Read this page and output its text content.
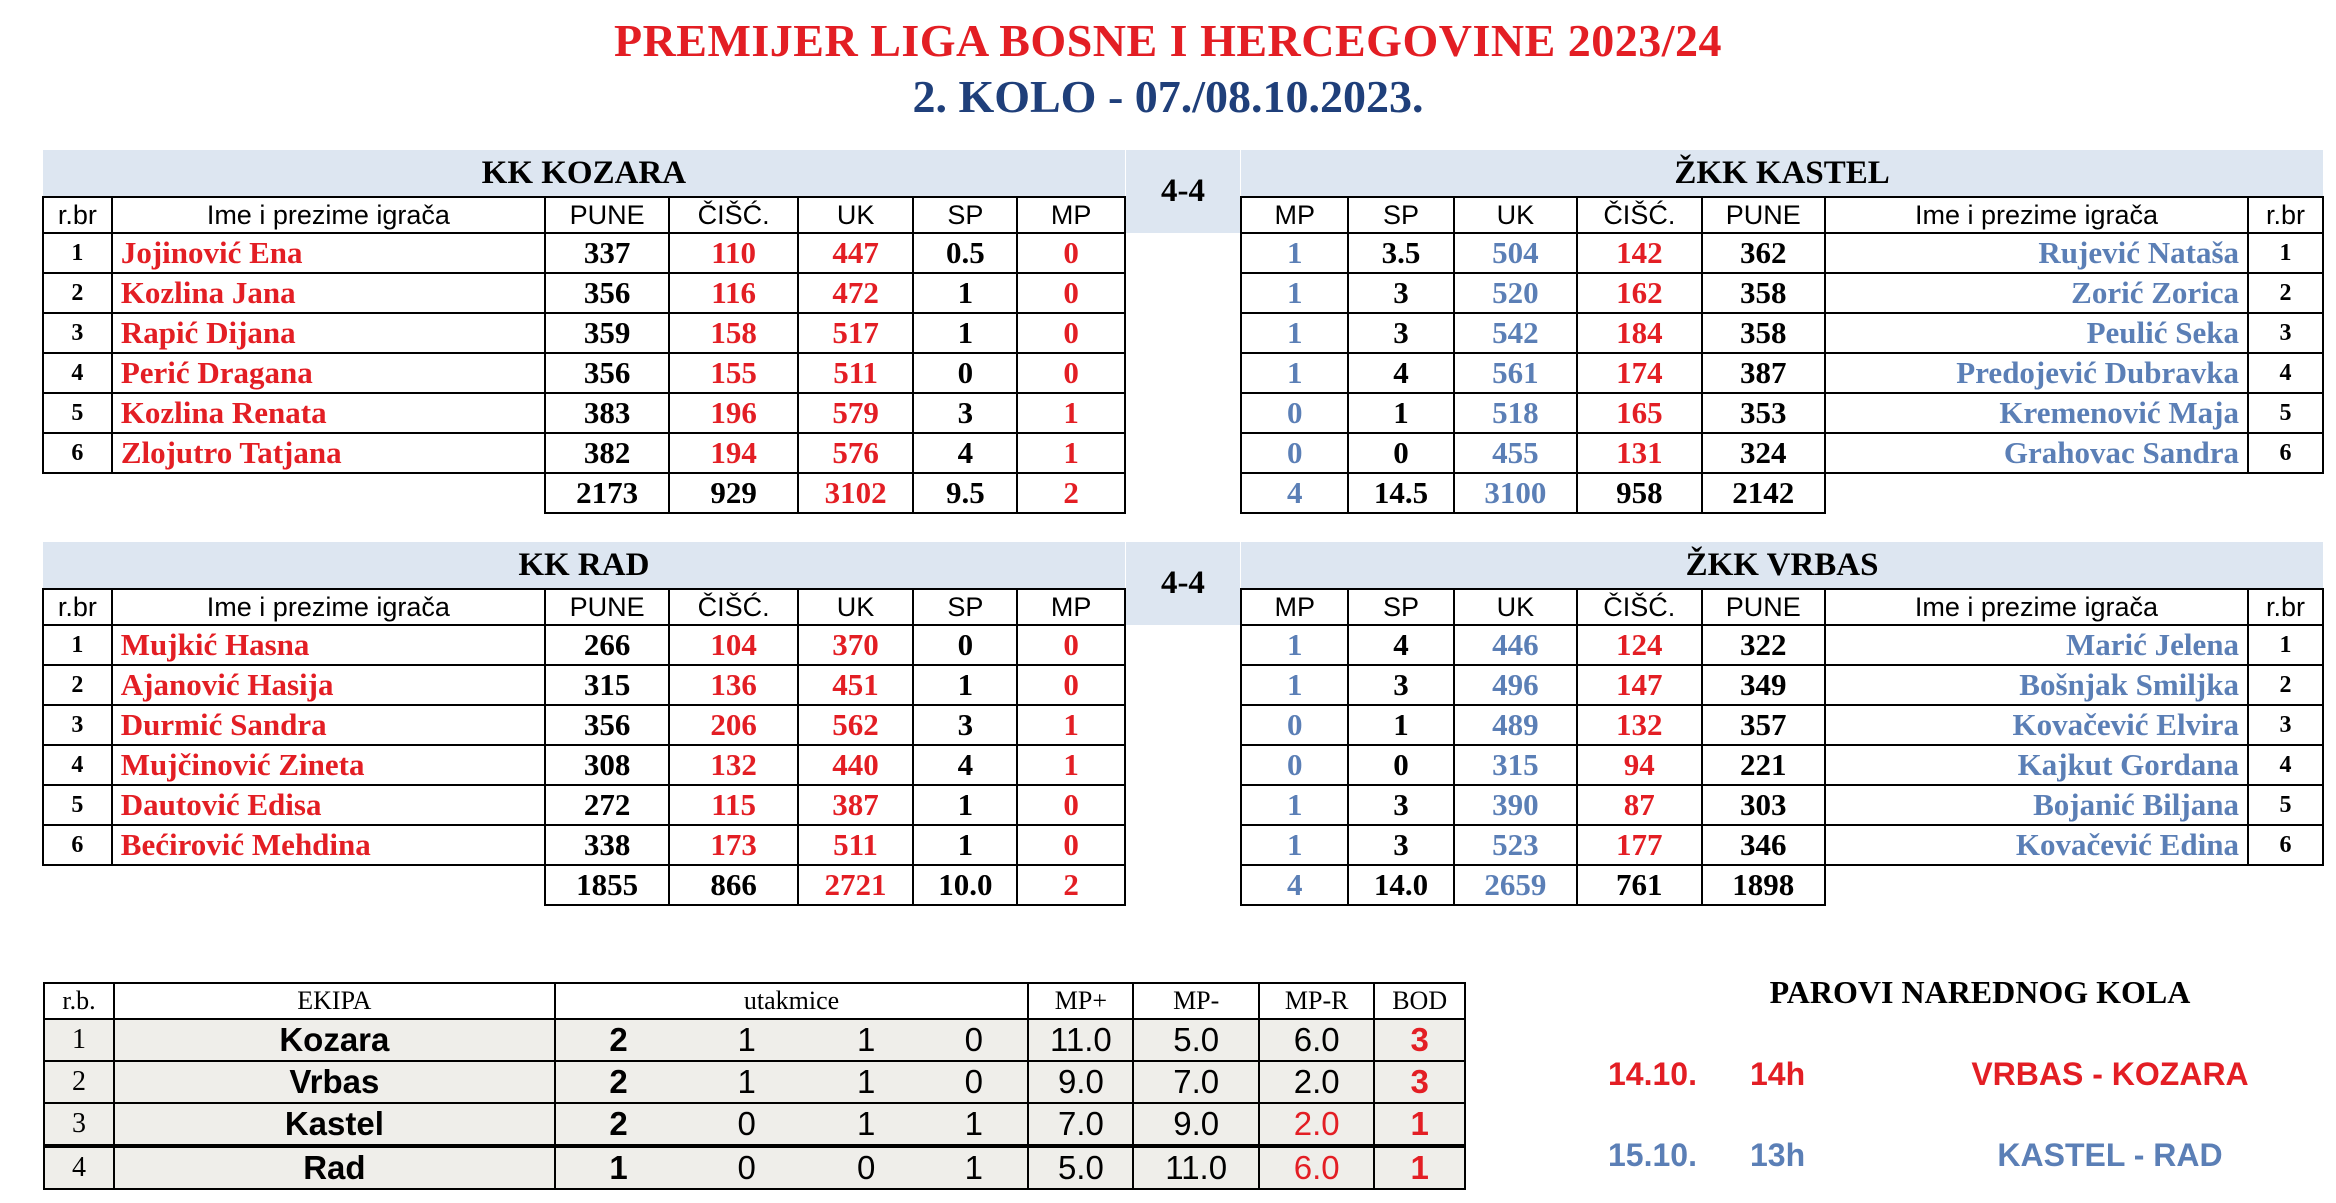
PREMIJER LIGA BOSNE I HERCEGOVINE 2023/24
2. KOLO - 07./08.10.2023.
KK KOZARA							4-4	ŽKK KASTEL						
r.br	Ime i prezime igrača	PUNE	ČIŠĆ.	UK	SP	MP		MP	SP	UK	ČIŠĆ.	PUNE	Ime i prezime igrača	r.br
1	Jojinović Ena	337	110	447	0.5	0		1	3.5	504	142	362	Rujević Nataša	1
2	Kozlina Jana	356	116	472	1	0		1	3	520	162	358	Zorić Zorica	2
3	Rapić Dijana	359	158	517	1	0		1	3	542	184	358	Peulić Seka	3
4	Perić Dragana	356	155	511	0	0		1	4	561	174	387	Predojević Dubravka	4
5	Kozlina Renata	383	196	579	3	1		0	1	518	165	353	Kremenović Maja	5
6	Zlojutro Tatjana	382	194	576	4	1		0	0	455	131	324	Grahovac Sandra	6
		2173	929	3102	9.5	2		4	14.5	3100	958	2142		
KK RAD							4-4	ŽKK VRBAS						
r.br	Ime i prezime igrača	PUNE	ČIŠĆ.	UK	SP	MP		MP	SP	UK	ČIŠĆ.	PUNE	Ime i prezime igrača	r.br
1	Mujkić Hasna	266	104	370	0	0		1	4	446	124	322	Marić Jelena	1
2	Ajanović Hasija	315	136	451	1	0		1	3	496	147	349	Bošnjak Smiljka	2
3	Durmić Sandra	356	206	562	3	1		0	1	489	132	357	Kovačević Elvira	3
4	Mujčinović Zineta	308	132	440	4	1		0	0	315	94	221	Kajkut Gordana	4
5	Dautović Edisa	272	115	387	1	0		1	3	390	87	303	Bojanić Biljana	5
6	Bećirović Mehdina	338	173	511	1	0		1	3	523	177	346	Kovačević Edina	6
		1855	866	2721	10.0	2		4	14.0	2659	761	1898		
r.b.	EKIPA	utakmice				MP+	MP-	MP-R	BOD
1	Kozara	2	1	1	0	11.0	5.0	6.0	3
2	Vrbas	2	1	1	0	9.0	7.0	2.0	3
3	Kastel	2	0	1	1	7.0	9.0	2.0	1
4	Rad	1	0	0	1	5.0	11.0	6.0	1
PAROVI NAREDNOG KOLA
14.10. 14h	VRBAS - KOZARA
15.10. 13h	KASTEL - RAD
